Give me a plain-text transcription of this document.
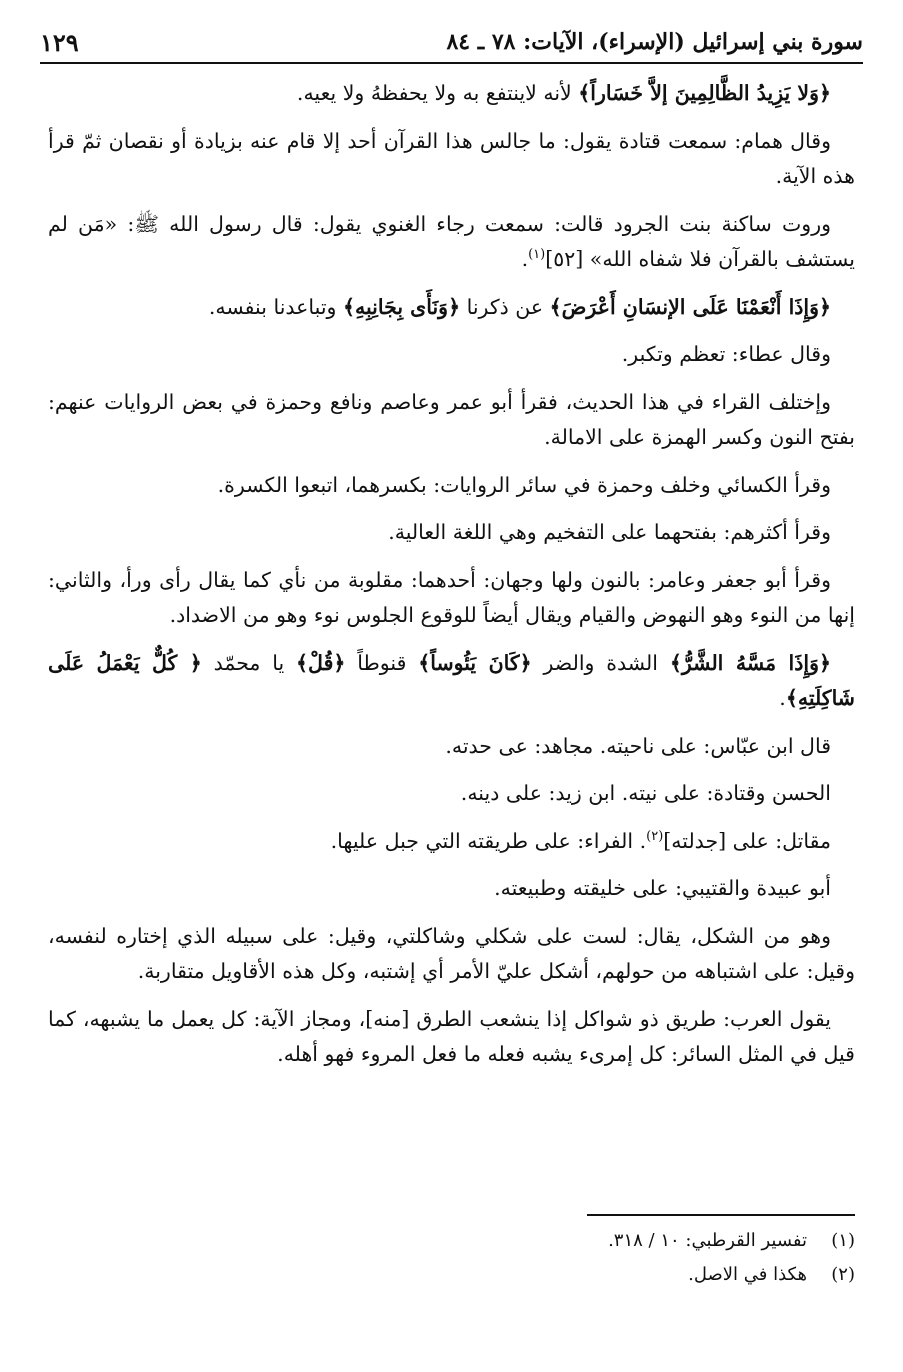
سورة بني إسرائيل (الإسراء)، الآيات: ٧٨ ـ ٨٤
١٢٩

﴿وَلا يَزِيدُ الظَّالِمِينَ إلاَّ خَسَاراً﴾ لأنه لاينتفع به ولا يحفظهُ ولا يعيه.

وقال همام: سمعت قتادة يقول: ما جالس هذا القرآن أحد إلا قام عنه بزيادة أو نقصان ثمّ قرأ هذه الآية.

وروت ساكنة بنت الجرود قالت: سمعت رجاء الغنوي يقول: قال رسول الله ﷺ: «مَن لم يستشف بالقرآن فلا شفاه الله» [٥٢]$^{(١)}$.

﴿وَإِذَا أَنْعَمْنَا عَلَى الإنسَانِ أَعْرَضَ﴾ عن ذكرنا ﴿وَنَأَى بِجَانِبِهِ﴾ وتباعدنا بنفسه.

وقال عطاء: تعظم وتكبر.

وإختلف القراء في هذا الحديث، فقرأ أبو عمر وعاصم ونافع وحمزة في بعض الروايات عنهم: بفتح النون وكسر الهمزة على الامالة.

وقرأ الكسائي وخلف وحمزة في سائر الروايات: بكسرهما، اتبعوا الكسرة.

وقرأ أكثرهم: بفتحهما على التفخيم وهي اللغة العالية.

وقرأ أبو جعفر وعامر: بالنون ولها وجهان: أحدهما: مقلوبة من نأي كما يقال رأى ورأ، والثاني: إنها من النوء وهو النهوض والقيام ويقال أيضاً للوقوع الجلوس نوء وهو من الاضداد.

﴿وَإِذَا مَسَّهُ الشَّرُّ﴾ الشدة والضر ﴿كَانَ يَئُوساً﴾ قنوطاً ﴿قُلْ﴾ يا محمّد ﴿ كُلٌّ يَعْمَلُ عَلَى شَاكِلَتِهِ﴾.

قال ابن عبّاس: على ناحيته. مجاهد: عى حدته.

الحسن وقتادة: على نيته. ابن زيد: على دينه.

مقاتل: على [جدلته]$^{(٢)}$. الفراء: على طريقته التي جبل عليها.

أبو عبيدة والقتيبي: على خليقته وطبيعته.

وهو من الشكل، يقال: لست على شكلي وشاكلتي، وقيل: على سبيله الذي إختاره لنفسه، وقيل: على اشتباهه من حولهم، أشكل عليّ الأمر أي إشتبه، وكل هذه الأقاويل متقاربة.

يقول العرب: طريق ذو شواكل إذا ينشعب الطرق [منه]، ومجاز الآية: كل يعمل ما يشبهه، كما قيل في المثل السائر: كل إمرىء يشبه فعله ما فعل المروء فهو أهله.

(١)
تفسير القرطبي: ١٠ / ٣١٨.
(٢)
هكذا في الاصل.
